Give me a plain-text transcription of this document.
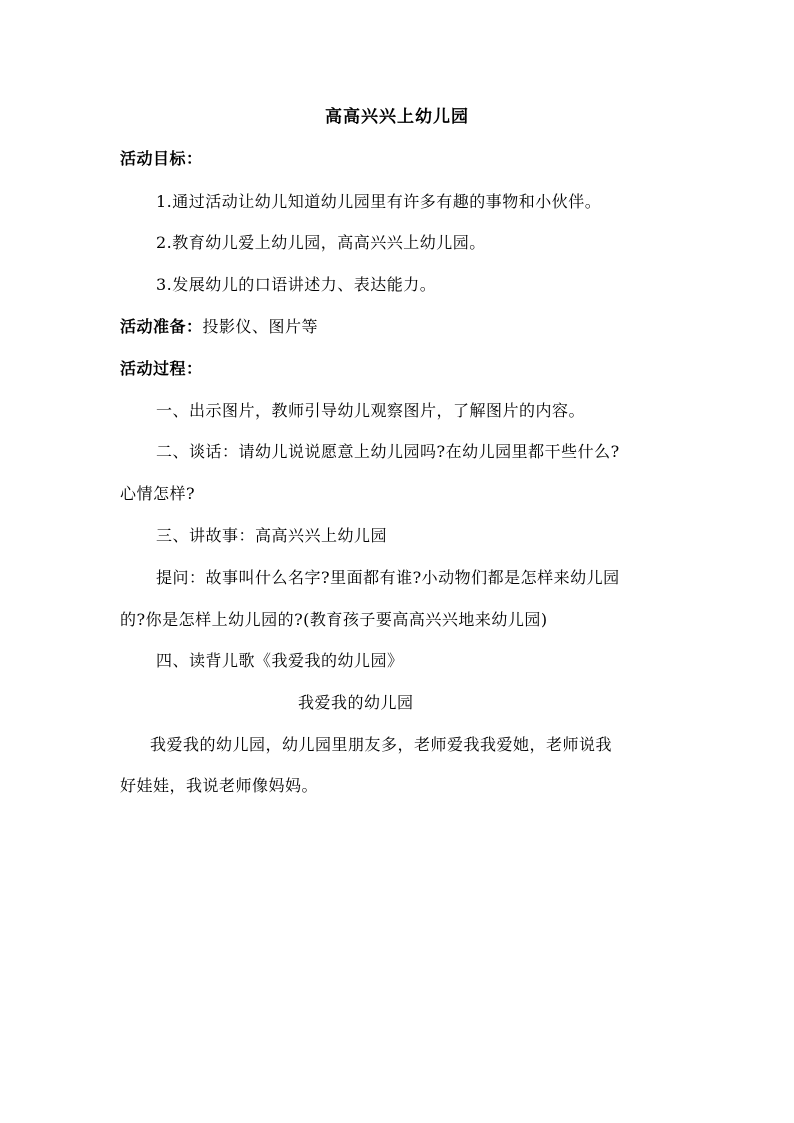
高高兴兴上幼儿园
活动目标：
1.通过活动让幼儿知道幼儿园里有许多有趣的事物和小伙伴。
2.教育幼儿爱上幼儿园，高高兴兴上幼儿园。
3.发展幼儿的口语讲述力、表达能力。
活动准备：投影仪、图片等
活动过程：
一、出示图片，教师引导幼儿观察图片，了解图片的内容。
二、谈话：请幼儿说说愿意上幼儿园吗?在幼儿园里都干些什么?
心情怎样?
三、讲故事：高高兴兴上幼儿园
提问：故事叫什么名字?里面都有谁?小动物们都是怎样来幼儿园
的?你是怎样上幼儿园的?(教育孩子要高高兴兴地来幼儿园)
四、读背儿歌《我爱我的幼儿园》
我爱我的幼儿园
我爱我的幼儿园，幼儿园里朋友多，老师爱我我爱她，老师说我
好娃娃，我说老师像妈妈。
